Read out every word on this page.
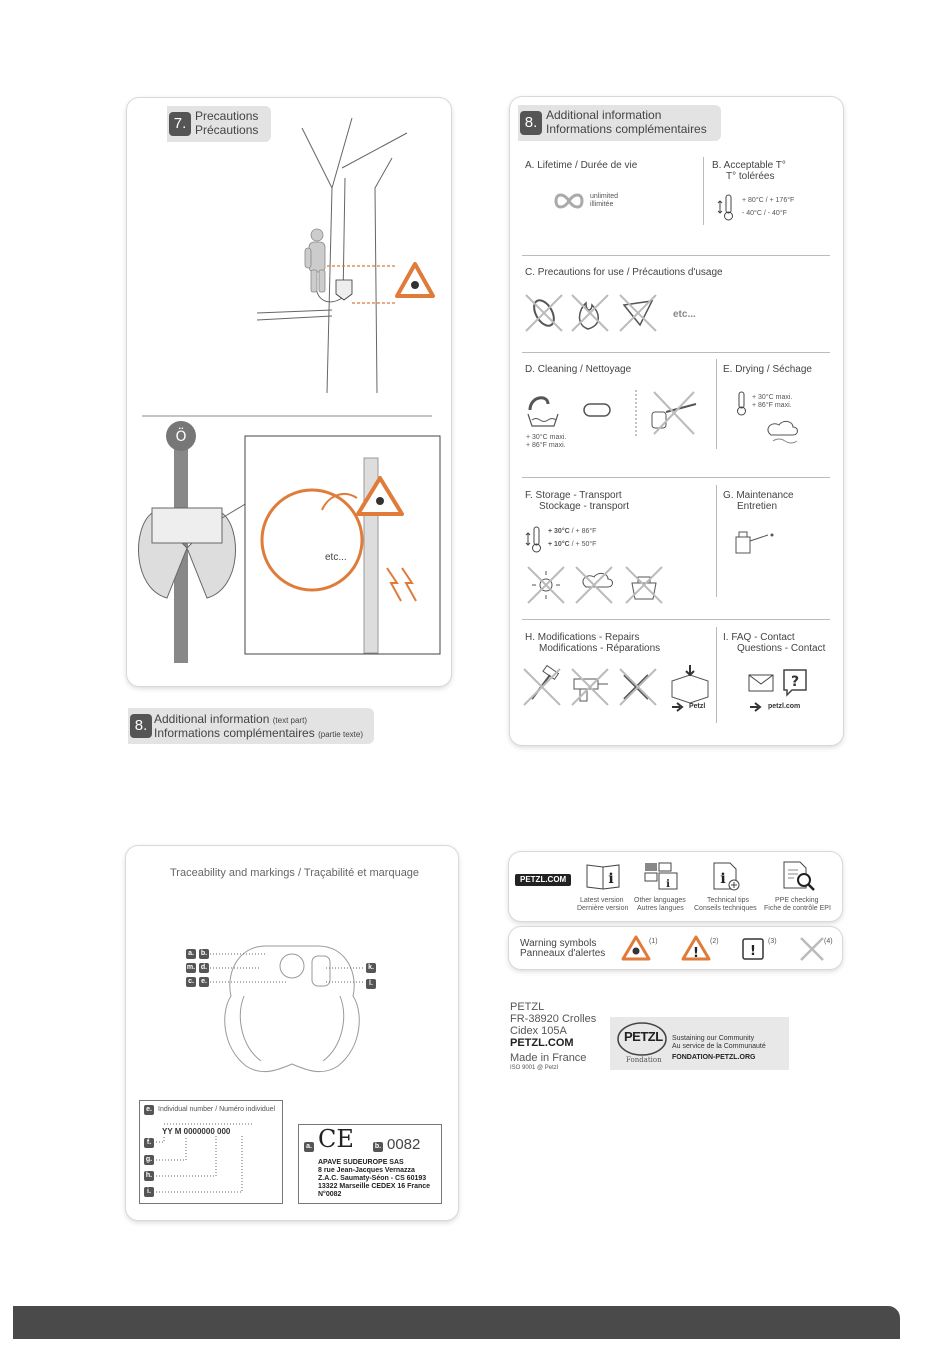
7. Precautions
Précautions
Ö
etc...
8. Additional information (text part)
Informations complémentaires (partie texte)
8. Additional information
Informations complémentaires
A. Lifetime / Durée de vie
unlimited
illimitée
B. Acceptable T°
T° tolérées
+ 80°C / + 176°F
- 40°C / - 40°F
C. Precautions for use / Précautions d'usage
etc...
D. Cleaning / Nettoyage
+ 30°C maxi.
+ 86°F maxi.
E. Drying / Séchage
+ 30°C maxi.
+ 86°F maxi.
F. Storage - Transport
Stockage - transport
+ 30°C / + 86°F
+ 10°C / + 50°F
G. Maintenance
Entretien
H. Modifications - Repairs
Modifications - Réparations
Petzl
I. FAQ - Contact
Questions - Contact
?
petzl.com
Traceability and markings / Traçabilité et marquage
a. b.
m. d.
c. e.
k.
l.
e. Individual number / Numéro individuel
YY M 0000000 000
f.
g.
h.
i.
a. CE	b. 0082
APAVE SUDEUROPE SAS
8 rue Jean-Jacques Vernazza
Z.A.C. Saumaty-Séon - CS 60193
13322 Marseille CEDEX 16 France
N°0082
PETZL.COM	i
Latest version
Dernière version
i
Other languages
Autres langues
i
Technical tips
Conseils techniques
PPE checking
Fiche de contrôle EPI
Warning symbols
Panneaux d'alertes
(1)
!
(2)
!
(3)	(4)
PETZL
FR-38920 Crolles
Cidex 105A
PETZL.COM
Made in France
ISO 9001 @ Petzl
PETZL
Fondation
Sustaining our Community
Au service de la Communauté
FONDATION-PETZL.ORG
